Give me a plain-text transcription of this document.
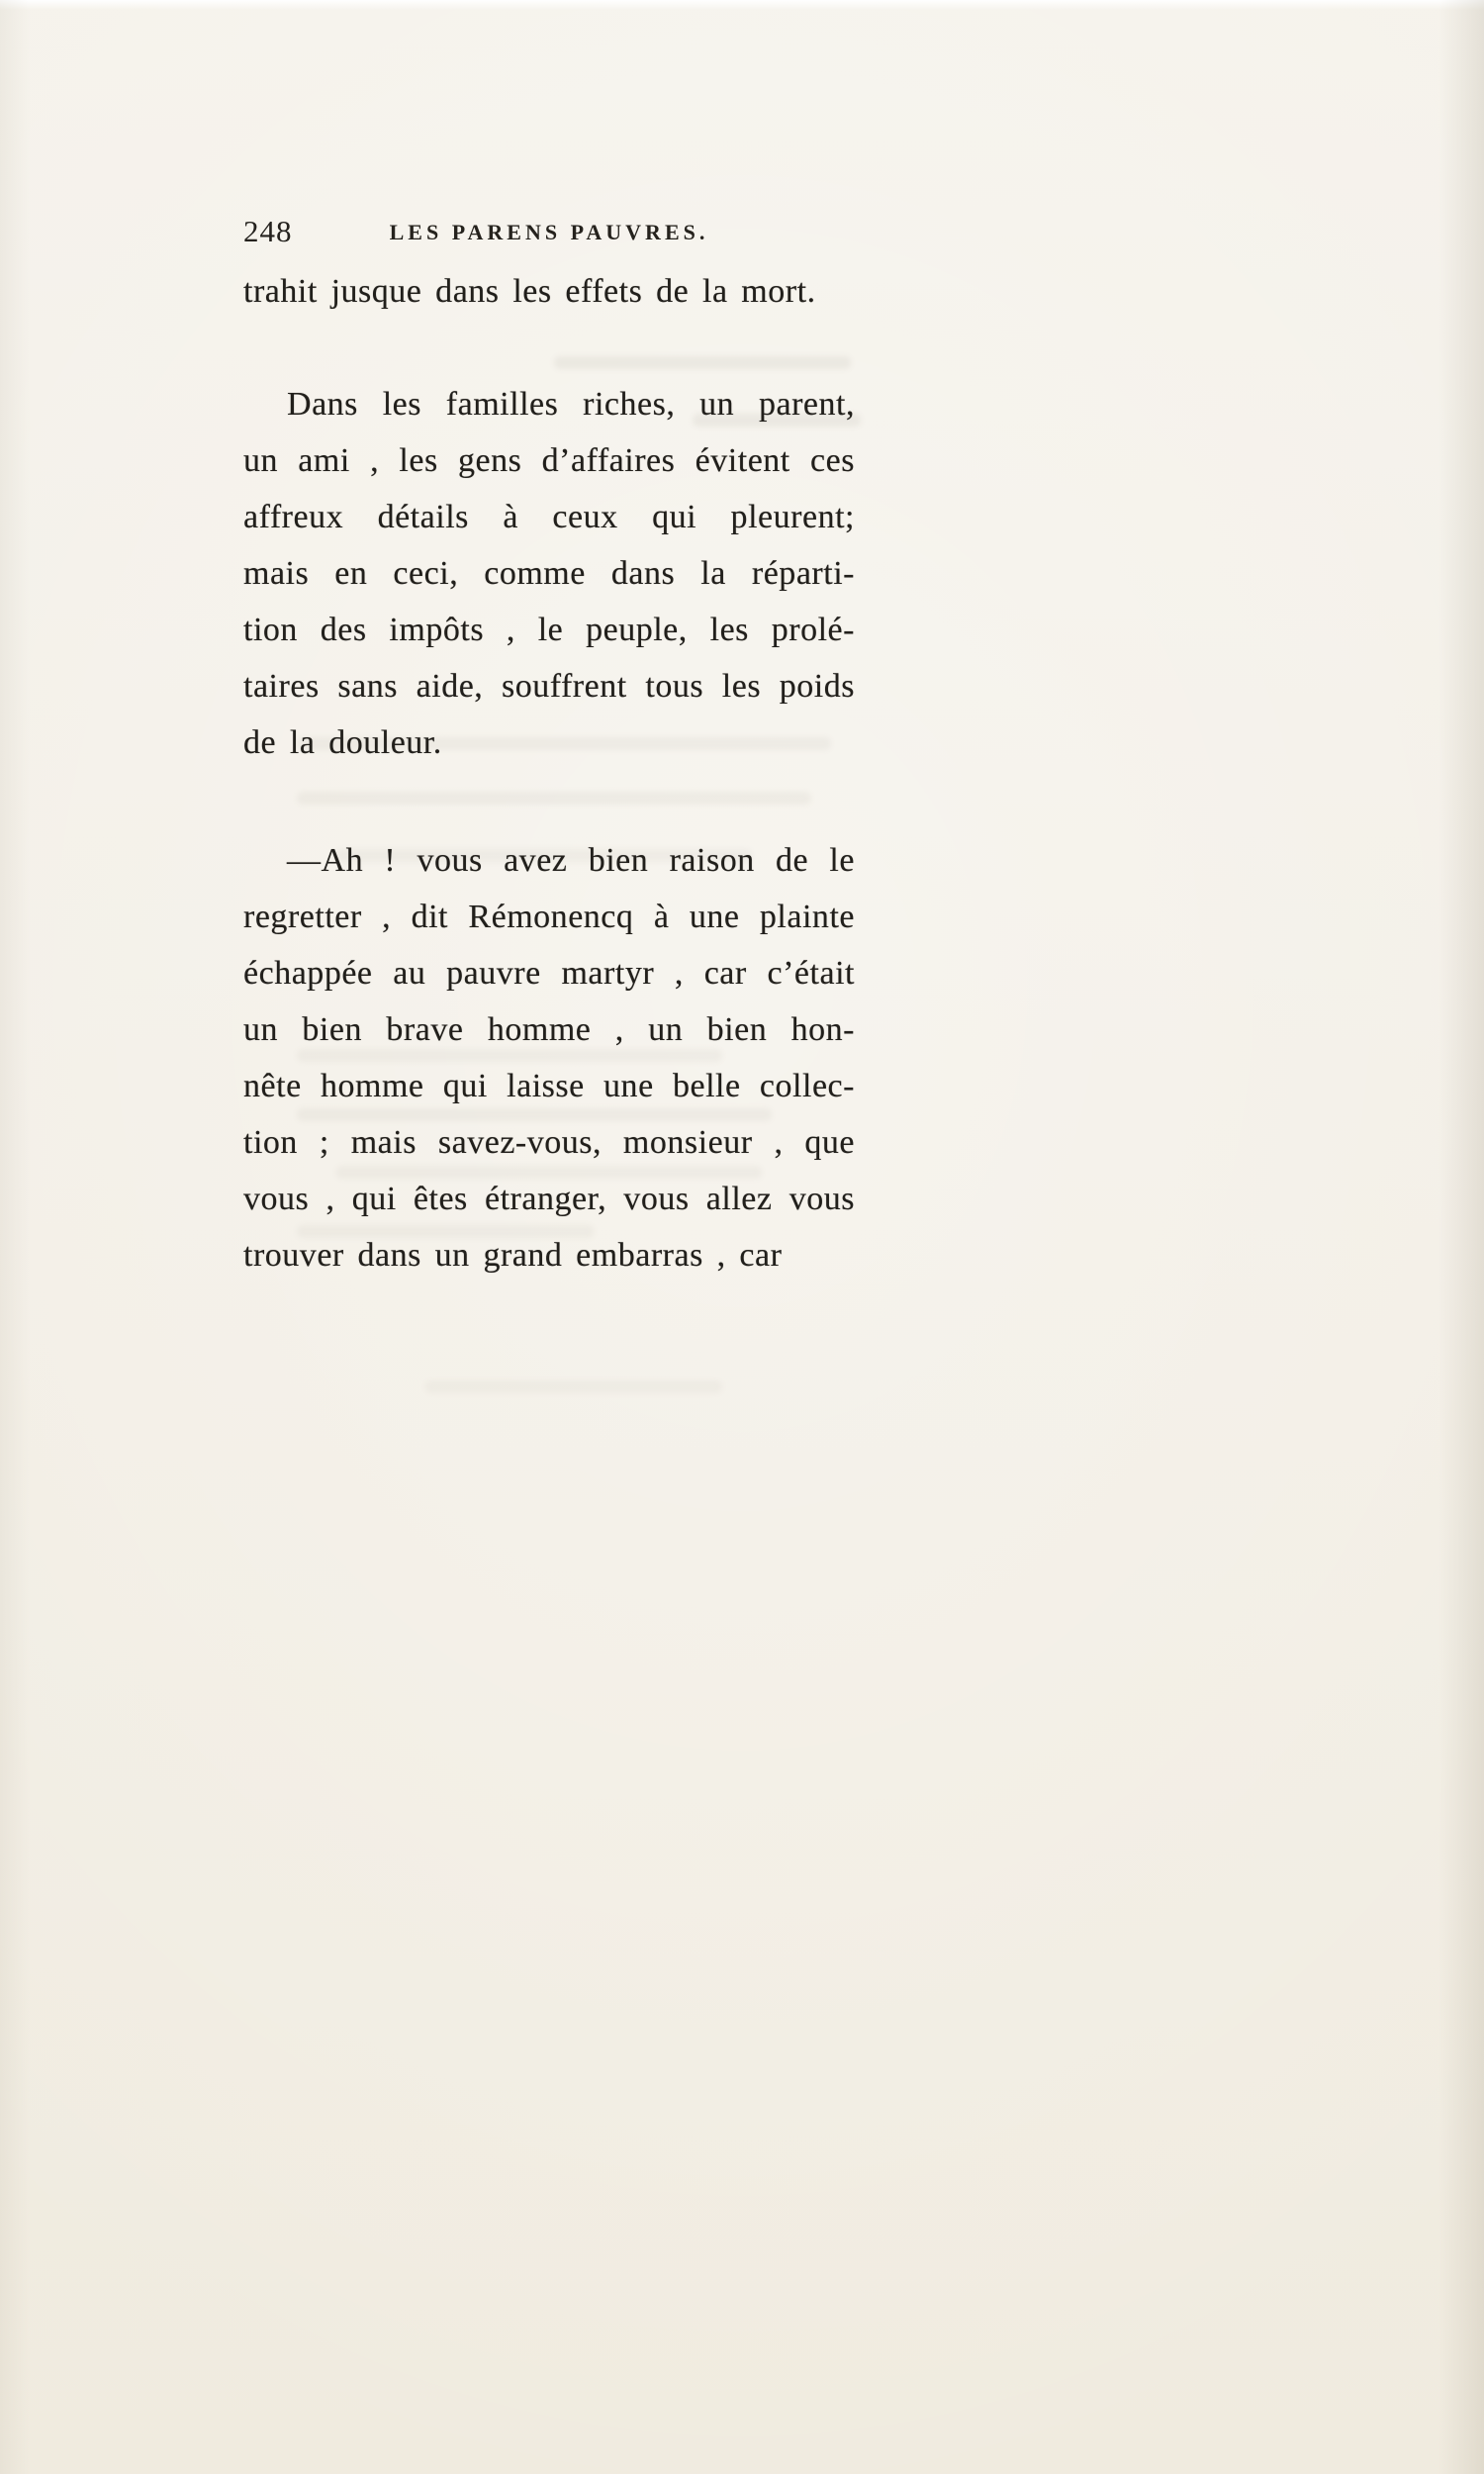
248	LES PARENS PAUVRES.
trahit jusque dans les effets de la mort.
Dans les familles riches, un parent,
un ami , les gens d’affaires évitent ces
affreux détails à ceux qui pleurent;
mais en ceci, comme dans la réparti-
tion des impôts , le peuple, les prolé-
taires sans aide, souffrent tous les poids
de la douleur.
—Ah ! vous avez bien raison de le
regretter , dit Rémonencq à une plainte
échappée au pauvre martyr , car c’était
un bien brave homme , un bien hon-
nête homme qui laisse une belle collec-
tion ; mais savez-vous, monsieur , que
vous , qui êtes étranger, vous allez vous
trouver dans un grand embarras , car
